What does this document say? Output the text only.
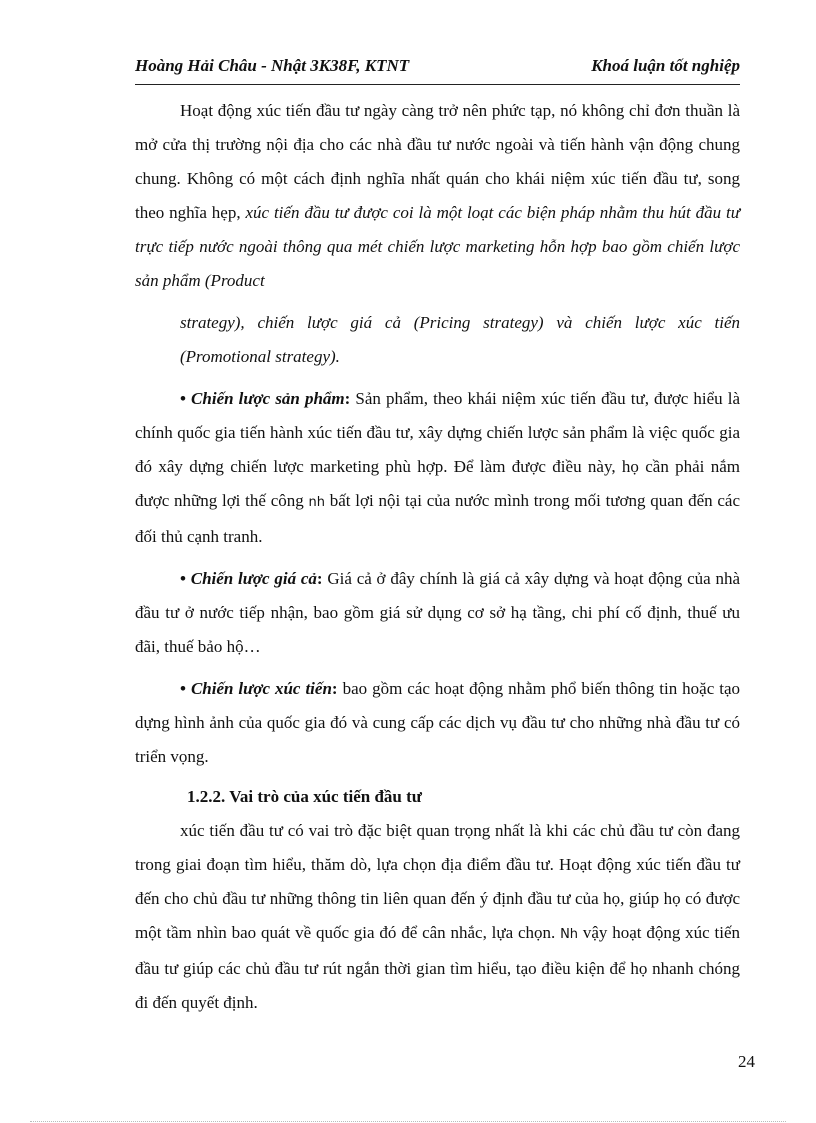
Hoàng Hải Châu - Nhật 3K38F, KTNT	Khoá luận tốt nghiệp

Hoạt động xúc tiến đầu tư ngày càng trở nên phức tạp, nó không chỉ đơn thuần là mở cửa thị trường nội địa cho các nhà đầu tư nước ngoài và tiến hành vận động chung chung. Không có một cách định nghĩa nhất quán cho khái niệm xúc tiến đầu tư, song theo nghĩa hẹp, xúc tiến đầu tư được coi là một loạt các biện pháp nhằm thu hút đầu tư trực tiếp nước ngoài thông qua mét chiến lược marketing hỗn hợp bao gồm chiến lược sản phẩm (Product

strategy), chiến lược giá cả (Pricing strategy) và chiến lược xúc tiến (Promotional strategy).

• Chiến lược sản phẩm: Sản phẩm, theo khái niệm xúc tiến đầu tư, được hiểu là chính quốc gia tiến hành xúc tiến đầu tư, xây dựng chiến lược sản phẩm là việc quốc gia đó xây dựng chiến lược marketing phù hợp. Để làm được điều này, họ cần phải nắm được những lợi thế công nh bất lợi nội tại của nước mình trong mối tương quan đến các đối thủ cạnh tranh.

• Chiến lược giá cả: Giá cả ở đây chính là giá cả xây dựng và hoạt động của nhà đầu tư ở nước tiếp nhận, bao gồm giá sử dụng cơ sở hạ tầng, chi phí cố định, thuế ưu đãi, thuế bảo hộ…

• Chiến lược xúc tiến: bao gồm các hoạt động nhằm phổ biến thông tin hoặc tạo dựng hình ảnh của quốc gia đó và cung cấp các dịch vụ đầu tư cho những nhà đầu tư có triển vọng.

1.2.2. Vai trò của xúc tiến đầu tư

xúc tiến đầu tư có vai trò đặc biệt quan trọng nhất là khi các chủ đầu tư còn đang trong giai đoạn tìm hiểu, thăm dò, lựa chọn địa điểm đầu tư. Hoạt động xúc tiến đầu tư đến cho chủ đầu tư những thông tin liên quan đến ý định đầu tư của họ, giúp họ có được một tầm nhìn bao quát về quốc gia đó để cân nhắc, lựa chọn. Nh vậy hoạt động xúc tiến đầu tư giúp các chủ đầu tư rút ngắn thời gian tìm hiểu, tạo điều kiện để họ nhanh chóng đi đến quyết định.

24
